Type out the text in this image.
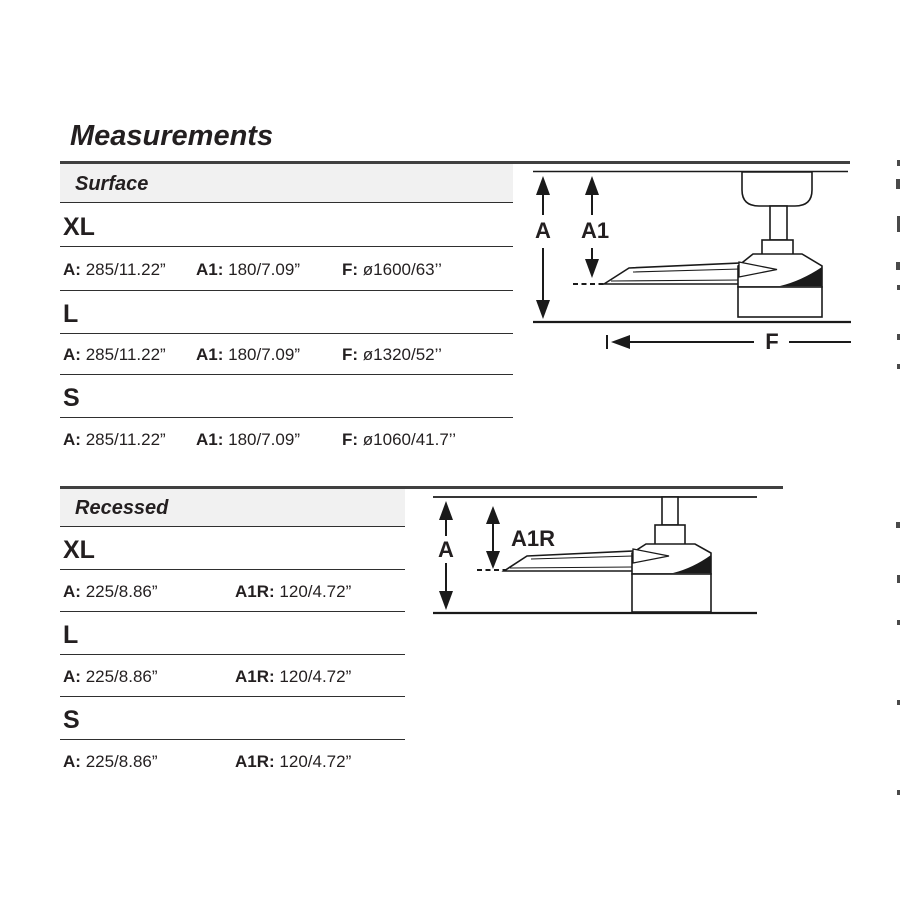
Measurements
Surface
XL
A: 285/11.22”	A1: 180/7.09”	F: ø1600/63’’
L
A: 285/11.22”	A1: 180/7.09”	F: ø1320/52’’
S
A: 285/11.22”	A1: 180/7.09”	F: ø1060/41.7’’
A A1
F
Recessed
XL
A: 225/8.86”	A1R: 120/4.72”
L
A: 225/8.86”	A1R: 120/4.72”
S
A: 225/8.86”	A1R: 120/4.72”
A	A1R
